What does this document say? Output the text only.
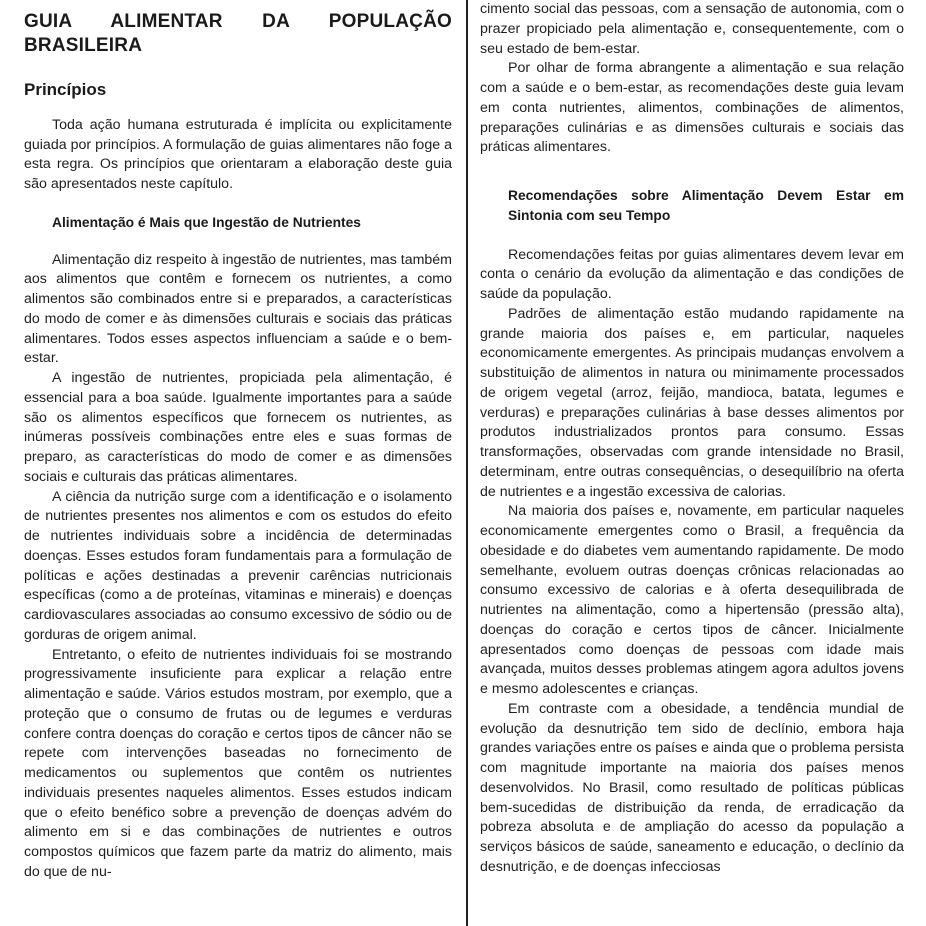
GUIA ALIMENTAR DA POPULAÇÃO BRASILEIRA
Princípios

Toda ação humana estruturada é implícita ou explicitamente guiada por princípios. A formulação de guias alimentares não foge a esta regra. Os princípios que orientaram a elaboração deste guia são apresentados neste capítulo.

Alimentação é Mais que Ingestão de Nutrientes

Alimentação diz respeito à ingestão de nutrientes, mas também aos alimentos que contêm e fornecem os nutrientes, a como alimentos são combinados entre si e preparados, a características do modo de comer e às dimensões culturais e sociais das práticas alimentares. Todos esses aspectos influenciam a saúde e o bem-estar.

A ingestão de nutrientes, propiciada pela alimentação, é essencial para a boa saúde. Igualmente importantes para a saúde são os alimentos específicos que fornecem os nutrientes, as inúmeras possíveis combinações entre eles e suas formas de preparo, as características do modo de comer e as dimensões sociais e culturais das práticas alimentares.

A ciência da nutrição surge com a identificação e o isolamento de nutrientes presentes nos alimentos e com os estudos do efeito de nutrientes individuais sobre a incidência de determinadas doenças. Esses estudos foram fundamentais para a formulação de políticas e ações destinadas a prevenir carências nutricionais específicas (como a de proteínas, vitaminas e minerais) e doenças cardiovasculares associadas ao consumo excessivo de sódio ou de gorduras de origem animal.

Entretanto, o efeito de nutrientes individuais foi se mostrando progressivamente insuficiente para explicar a relação entre alimentação e saúde. Vários estudos mostram, por exemplo, que a proteção que o consumo de frutas ou de legumes e verduras confere contra doenças do coração e certos tipos de câncer não se repete com intervenções baseadas no fornecimento de medicamentos ou suplementos que contêm os nutrientes individuais presentes naqueles alimentos. Esses estudos indicam que o efeito benéfico sobre a prevenção de doenças advém do alimento em si e das combinações de nutrientes e outros compostos químicos que fazem parte da matriz do alimento, mais do que de nu-

cimento social das pessoas, com a sensação de autonomia, com o prazer propiciado pela alimentação e, consequentemente, com o seu estado de bem-estar.

Por olhar de forma abrangente a alimentação e sua relação com a saúde e o bem-estar, as recomendações deste guia levam em conta nutrientes, alimentos, combinações de alimentos, preparações culinárias e as dimensões culturais e sociais das práticas alimentares.

Recomendações sobre Alimentação Devem Estar em Sintonia com seu Tempo

Recomendações feitas por guias alimentares devem levar em conta o cenário da evolução da alimentação e das condições de saúde da população.

Padrões de alimentação estão mudando rapidamente na grande maioria dos países e, em particular, naqueles economicamente emergentes. As principais mudanças envolvem a substituição de alimentos in natura ou minimamente processados de origem vegetal (arroz, feijão, mandioca, batata, legumes e verduras) e preparações culinárias à base desses alimentos por produtos industrializados prontos para consumo. Essas transformações, observadas com grande intensidade no Brasil, determinam, entre outras consequências, o desequilíbrio na oferta de nutrientes e a ingestão excessiva de calorias.

Na maioria dos países e, novamente, em particular naqueles economicamente emergentes como o Brasil, a frequência da obesidade e do diabetes vem aumentando rapidamente. De modo semelhante, evoluem outras doenças crônicas relacionadas ao consumo excessivo de calorias e à oferta desequilibrada de nutrientes na alimentação, como a hipertensão (pressão alta), doenças do coração e certos tipos de câncer. Inicialmente apresentados como doenças de pessoas com idade mais avançada, muitos desses problemas atingem agora adultos jovens e mesmo adolescentes e crianças.

Em contraste com a obesidade, a tendência mundial de evolução da desnutrição tem sido de declínio, embora haja grandes variações entre os países e ainda que o problema persista com magnitude importante na maioria dos países menos desenvolvidos. No Brasil, como resultado de políticas públicas bem-sucedidas de distribuição da renda, de erradicação da pobreza absoluta e de ampliação do acesso da população a serviços básicos de saúde, saneamento e educação, o declínio da desnutrição, e de doenças infecciosas
